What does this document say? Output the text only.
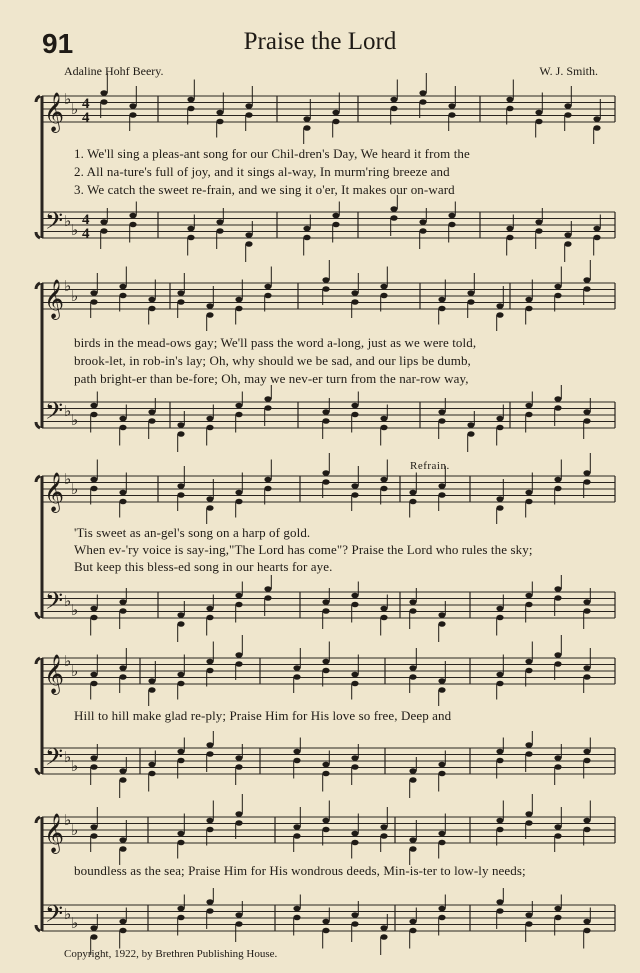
𝄞 ♭
♭ 4
4
𝄢 ♭ ♭
4
4
𝄞 ♭
♭
𝄢 ♭ ♭
𝄞 ♭
♭
𝄢 ♭ ♭
𝄞 ♭
♭
𝄢 ♭ ♭
𝄞 ♭
♭
𝄢 ♭ ♭
91	Praise the Lord
Adaline Hohf Beery.	W. J. Smith.
1. We'll sing a pleas-ant song for our Chil-dren's Day, We heard it from the
2. All na-ture's full of joy, and it sings al-way, In murm'ring breeze and
3. We catch the sweet re-frain, and we sing it o'er, It makes our on-ward
birds in the mead-ows gay; We'll pass the word a-long, just as we were told,
brook-let, in rob-in's lay; Oh, why should we be sad, and our lips be dumb,
path bright-er than be-fore; Oh, may we nev-er turn from the nar-row way,
Refrain.
'Tis sweet as an-gel's song on a harp of gold.
When ev-'ry voice is say-ing,"The Lord has come"? Praise the Lord who rules the sky;
But keep this bless-ed song in our hearts for aye.
Hill to hill make glad re-ply; Praise Him for His love so free, Deep and
boundless as the sea; Praise Him for His wondrous deeds, Min-is-ter to low-ly needs;
Copyright, 1922, by Brethren Publishing House.
